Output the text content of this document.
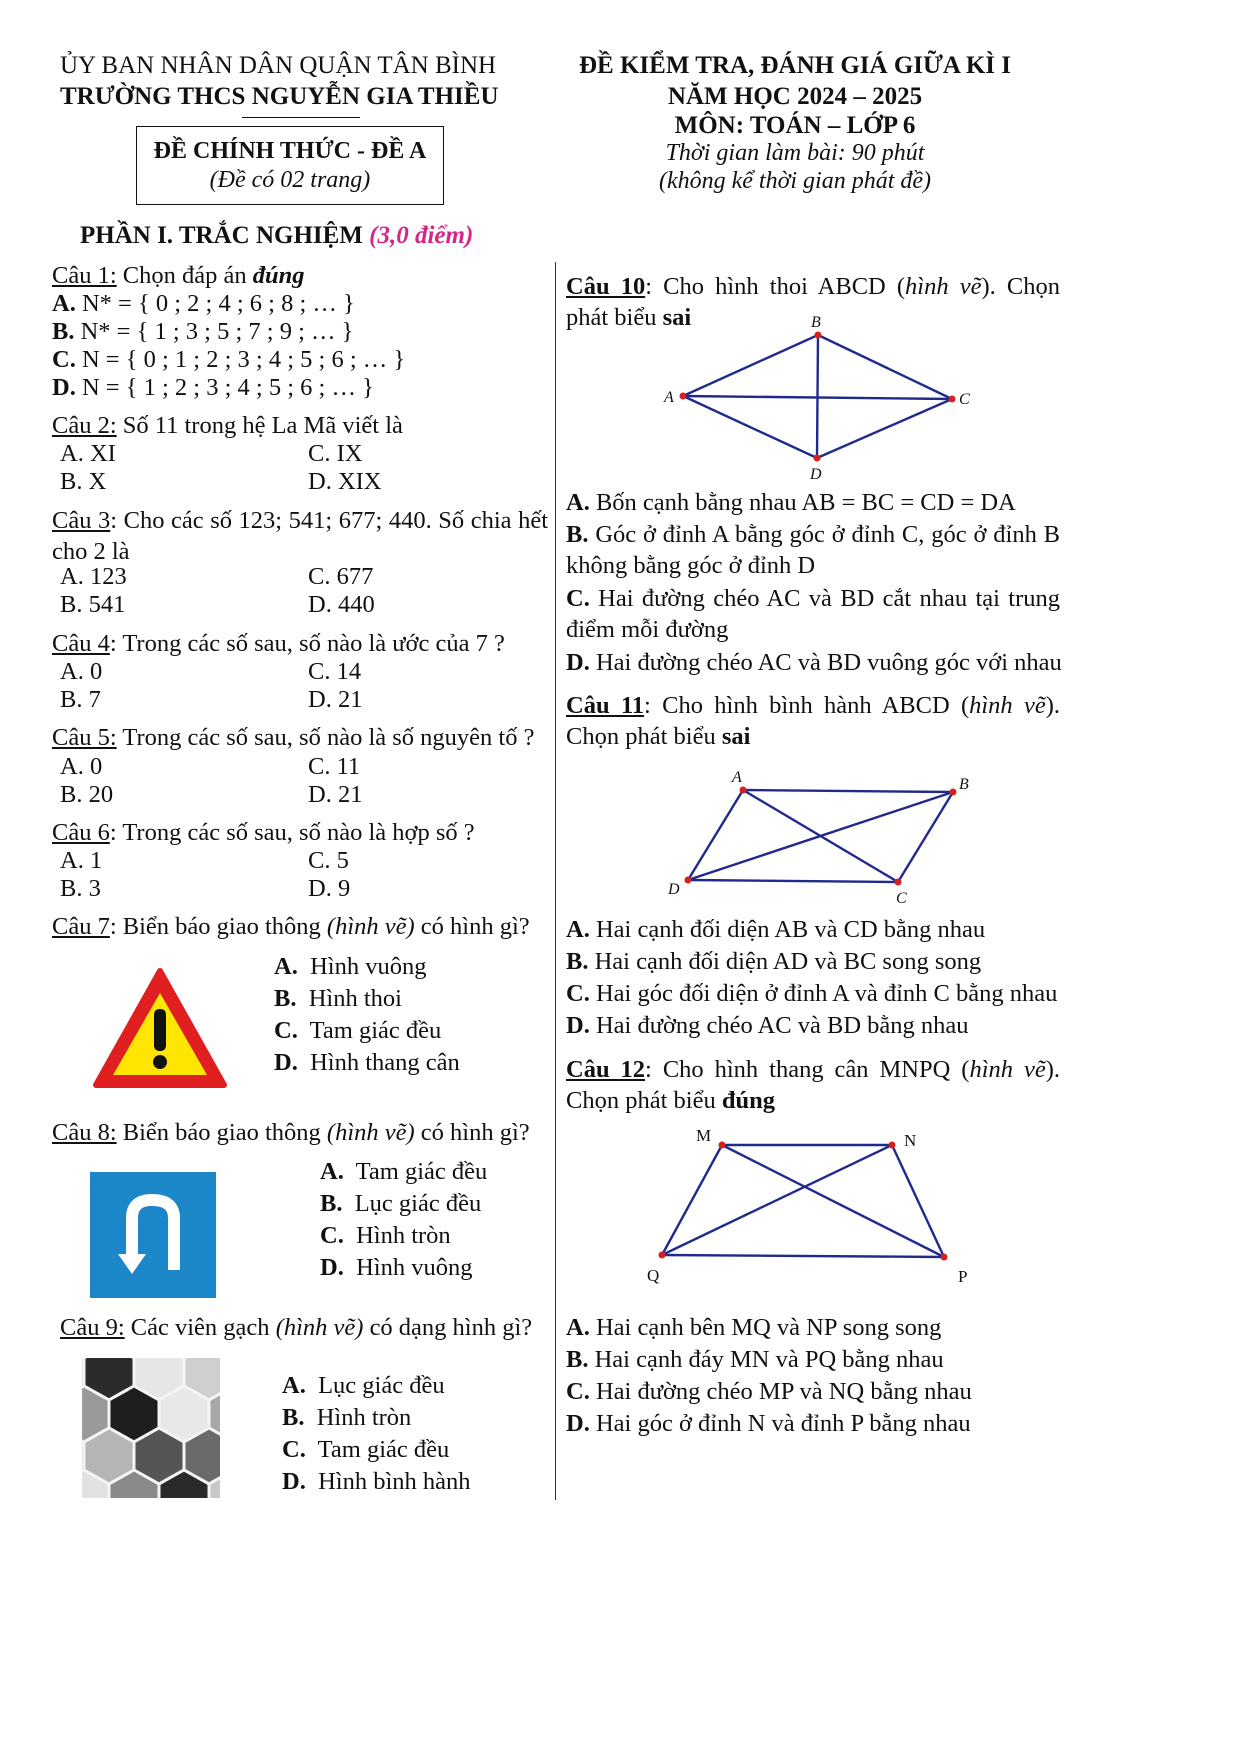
ỦY BAN NHÂN DÂN QUẬN TÂN BÌNH
TRƯỜNG THCS NGUYỄN GIA THIỀU
ĐỀ CHÍNH THỨC - ĐỀ A
(Đề có 02 trang)
ĐỀ KIỂM TRA, ĐÁNH GIÁ GIỮA KÌ I
NĂM HỌC 2024 – 2025
MÔN: TOÁN – LỚP 6
Thời gian làm bài: 90 phút
(không kể thời gian phát đề)
PHẦN I. TRẮC NGHIỆM (3,0 điểm)
Câu 1: Chọn đáp án đúng
A. N* = { 0 ; 2 ; 4 ; 6 ; 8 ; … }
B. N* = { 1 ; 3 ; 5 ; 7 ; 9 ; … }
C. N = { 0 ; 1 ; 2 ; 3 ; 4 ; 5 ; 6 ; … }
D. N = { 1 ; 2 ; 3 ; 4 ; 5 ; 6 ; … }
Câu 2: Số 11 trong hệ La Mã viết là
A. XI	C. IX
B. X	D. XIX
Câu 3: Cho các số 123; 541; 677; 440. Số chia hết cho 2 là
A. 123	C. 677
B. 541	D. 440
Câu 4: Trong các số sau, số nào là ước của 7 ?
A. 0	C. 14
B. 7	D. 21
Câu 5: Trong các số sau, số nào là số nguyên tố ?
A. 0	C. 11
B. 20	D. 21
Câu 6: Trong các số sau, số nào là hợp số ?
A. 1	C. 5
B. 3	D. 9
Câu 7: Biển báo giao thông (hình vẽ) có hình gì?
A. Hình vuông
B. Hình thoi
C. Tam giác đều
D. Hình thang cân
Câu 8: Biển báo giao thông (hình vẽ) có hình gì?
A. Tam giác đều
B. Lục giác đều
C. Hình tròn
D. Hình vuông
Câu 9: Các viên gạch (hình vẽ) có dạng hình gì?
A. Lục giác đều
B. Hình tròn
C. Tam giác đều
D. Hình bình hành
Câu 10: Cho hình thoi ABCD (hình vẽ). Chọn phát biểu sai
A
B
C
D
A. Bốn cạnh bằng nhau AB = BC = CD = DA
B. Góc ở đỉnh A bằng góc ở đỉnh C, góc ở đỉnh B không bằng góc ở đỉnh D
C. Hai đường chéo AC và BD cắt nhau tại trung điểm mỗi đường
D. Hai đường chéo AC và BD vuông góc với nhau
Câu 11: Cho hình bình hành ABCD (hình vẽ). Chọn phát biểu sai
A	B
C
D
A. Hai cạnh đối diện AB và CD bằng nhau
B. Hai cạnh đối diện AD và BC song song
C. Hai góc đối diện ở đỉnh A và đỉnh C bằng nhau
D. Hai đường chéo AC và BD bằng nhau
Câu 12: Cho hình thang cân MNPQ (hình vẽ). Chọn phát biểu đúng
M	N
P
Q
A. Hai cạnh bên MQ và NP song song
B. Hai cạnh đáy MN và PQ bằng nhau
C. Hai đường chéo MP và NQ bằng nhau
D. Hai góc ở đỉnh N và đỉnh P bằng nhau
